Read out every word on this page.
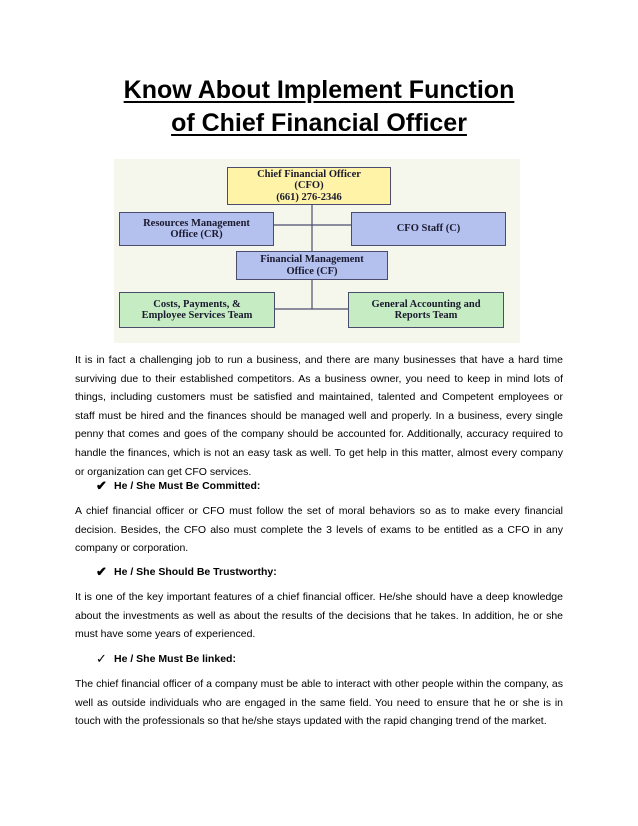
Know About Implement Function
of Chief Financial Officer
Chief Financial Officer
(CFO)
(661) 276-2346
Resources Management
Office (CR)
CFO Staff (C)
Financial Management
Office (CF)
Costs, Payments, &
Employee Services Team
General Accounting and
Reports Team

It is in fact a challenging job to run a business, and there are many businesses that have a hard time surviving due to their established competitors. As a business owner, you need to keep in mind lots of things, including customers must be satisfied and maintained, talented and Competent employees or staff must be hired and the finances should be managed well and properly. In a business, every single penny that comes and goes of the company should be accounted for. Additionally, accuracy required to handle the finances, which is not an easy task as well. To get help in this matter, almost every company or organization can get CFO services.

✔ He / She Must Be Committed:

A chief financial officer or CFO must follow the set of moral behaviors so as to make every financial decision. Besides, the CFO also must complete the 3 levels of exams to be entitled as a CFO in any company or corporation.

✔ He / She Should Be Trustworthy:

It is one of the key important features of a chief financial officer. He/she should have a deep knowledge about the investments as well as about the results of the decisions that he takes. In addition, he or she must have some years of experienced.

✓ He / She Must Be linked:

The chief financial officer of a company must be able to interact with other people within the company, as well as outside individuals who are engaged in the same field. You need to ensure that he or she is in touch with the professionals so that he/she stays updated with the rapid changing trend of the market.
